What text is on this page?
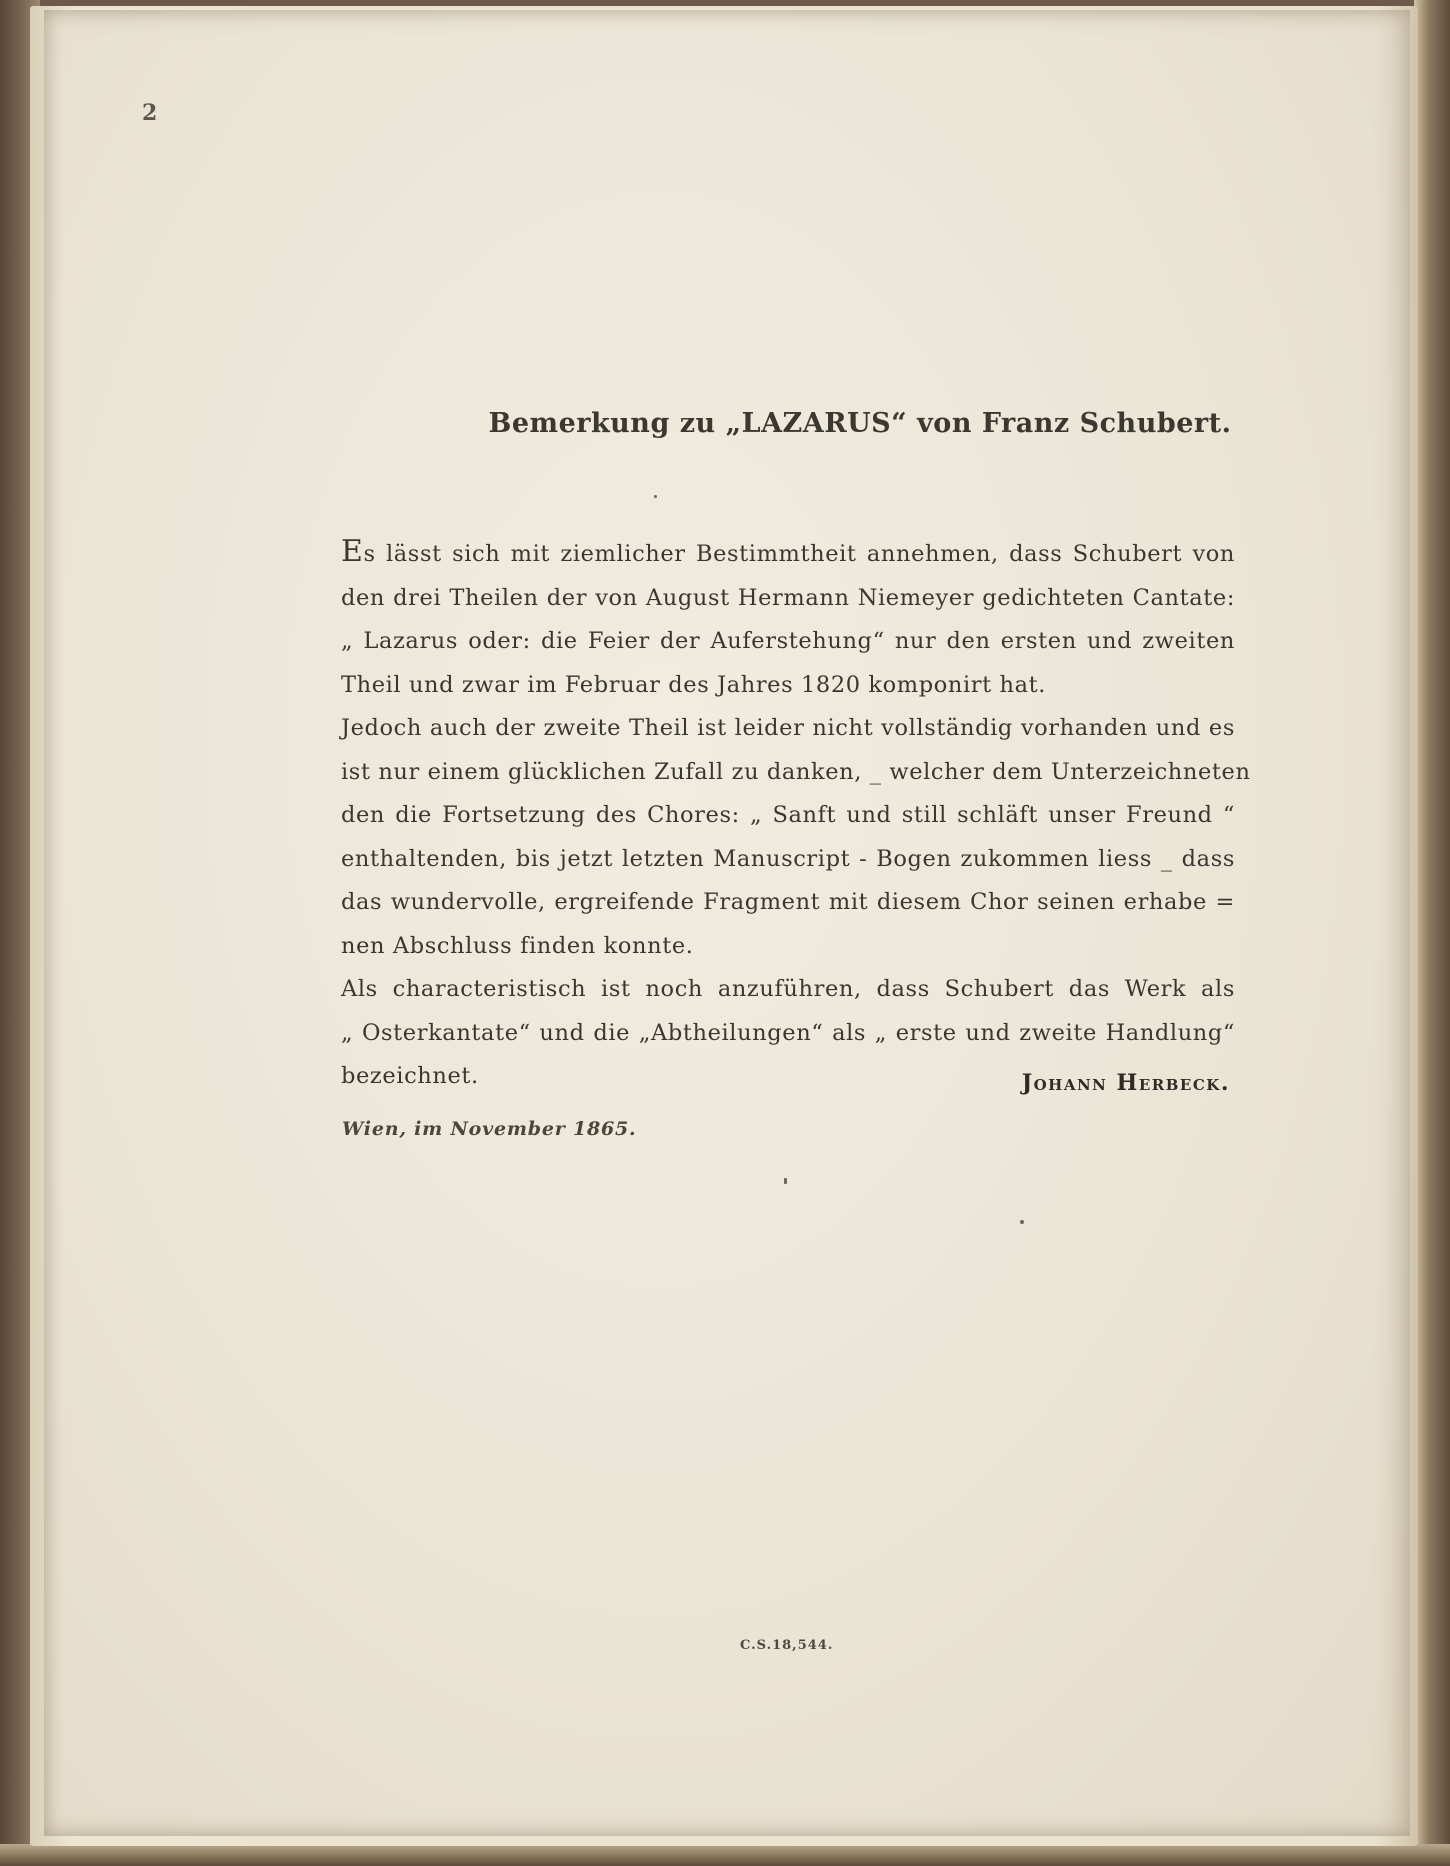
2
Bemerkung zu „LAZARUS“ von Franz Schubert.
Es lässt sich mit ziemlicher Bestimmtheit annehmen, dass Schubert von
den drei Theilen der von August Hermann Niemeyer gedichteten Cantate:
„ Lazarus oder: die Feier der Auferstehung“ nur den ersten und zweiten
Theil und zwar im Februar des Jahres 1820 komponirt hat.
Jedoch auch der zweite Theil ist leider nicht vollständig vorhanden und es
ist nur einem glücklichen Zufall zu danken, _ welcher dem Unterzeichneten
den die Fortsetzung des Chores: „ Sanft und still schläft unser Freund “
enthaltenden, bis jetzt letzten Manuscript - Bogen zukommen liess _ dass
das wundervolle, ergreifende Fragment mit diesem Chor seinen erhabe =
nen Abschluss finden konnte.
Als characteristisch ist noch anzuführen, dass Schubert das Werk als
„ Osterkantate“ und die „Abtheilungen“ als „ erste und zweite Handlung“
bezeichnet.	Johann Herbeck.
Wien, im November 1865.
C.S.18,544.
